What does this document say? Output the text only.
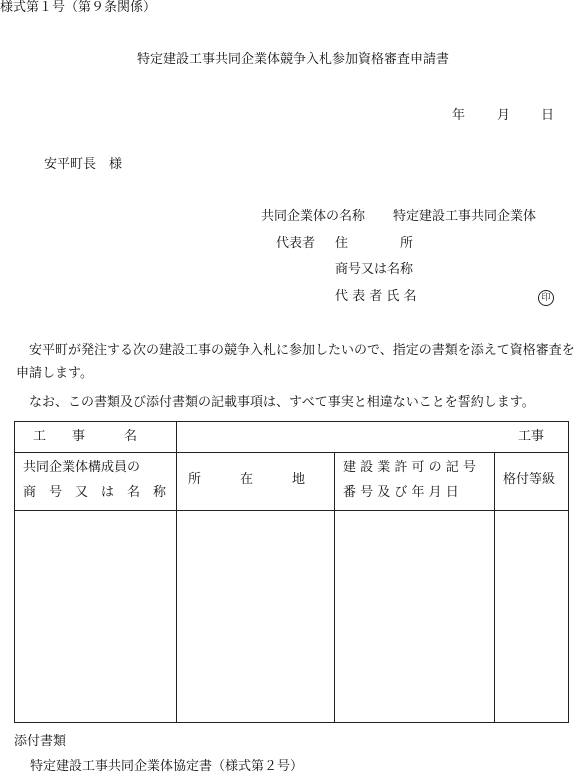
様式第１号（第９条関係）
特定建設工事共同企業体競争入札参加資格審査申請書
年 月 日
安平町長　様
共同企業体の名称 特定建設工事共同企業体
代表者 住　　　　所
商号又は名称
代 表 者 氏 名	印
　安平町が発注する次の建設工事の競争入札に参加したいので、指定の書類を添えて資格審査を申請します。
　なお、この書類及び添付書類の記載事項は、すべて事実と相違ないことを誓約します。
工　　事　　　名	工事
共同企業体構成員の
商　号　又　は　名　称
所　　　在　　　地
建 設 業 許 可 の 記 号
番 号 及 び 年 月 日
格付等級
添付書類
特定建設工事共同企業体協定書（様式第２号）
